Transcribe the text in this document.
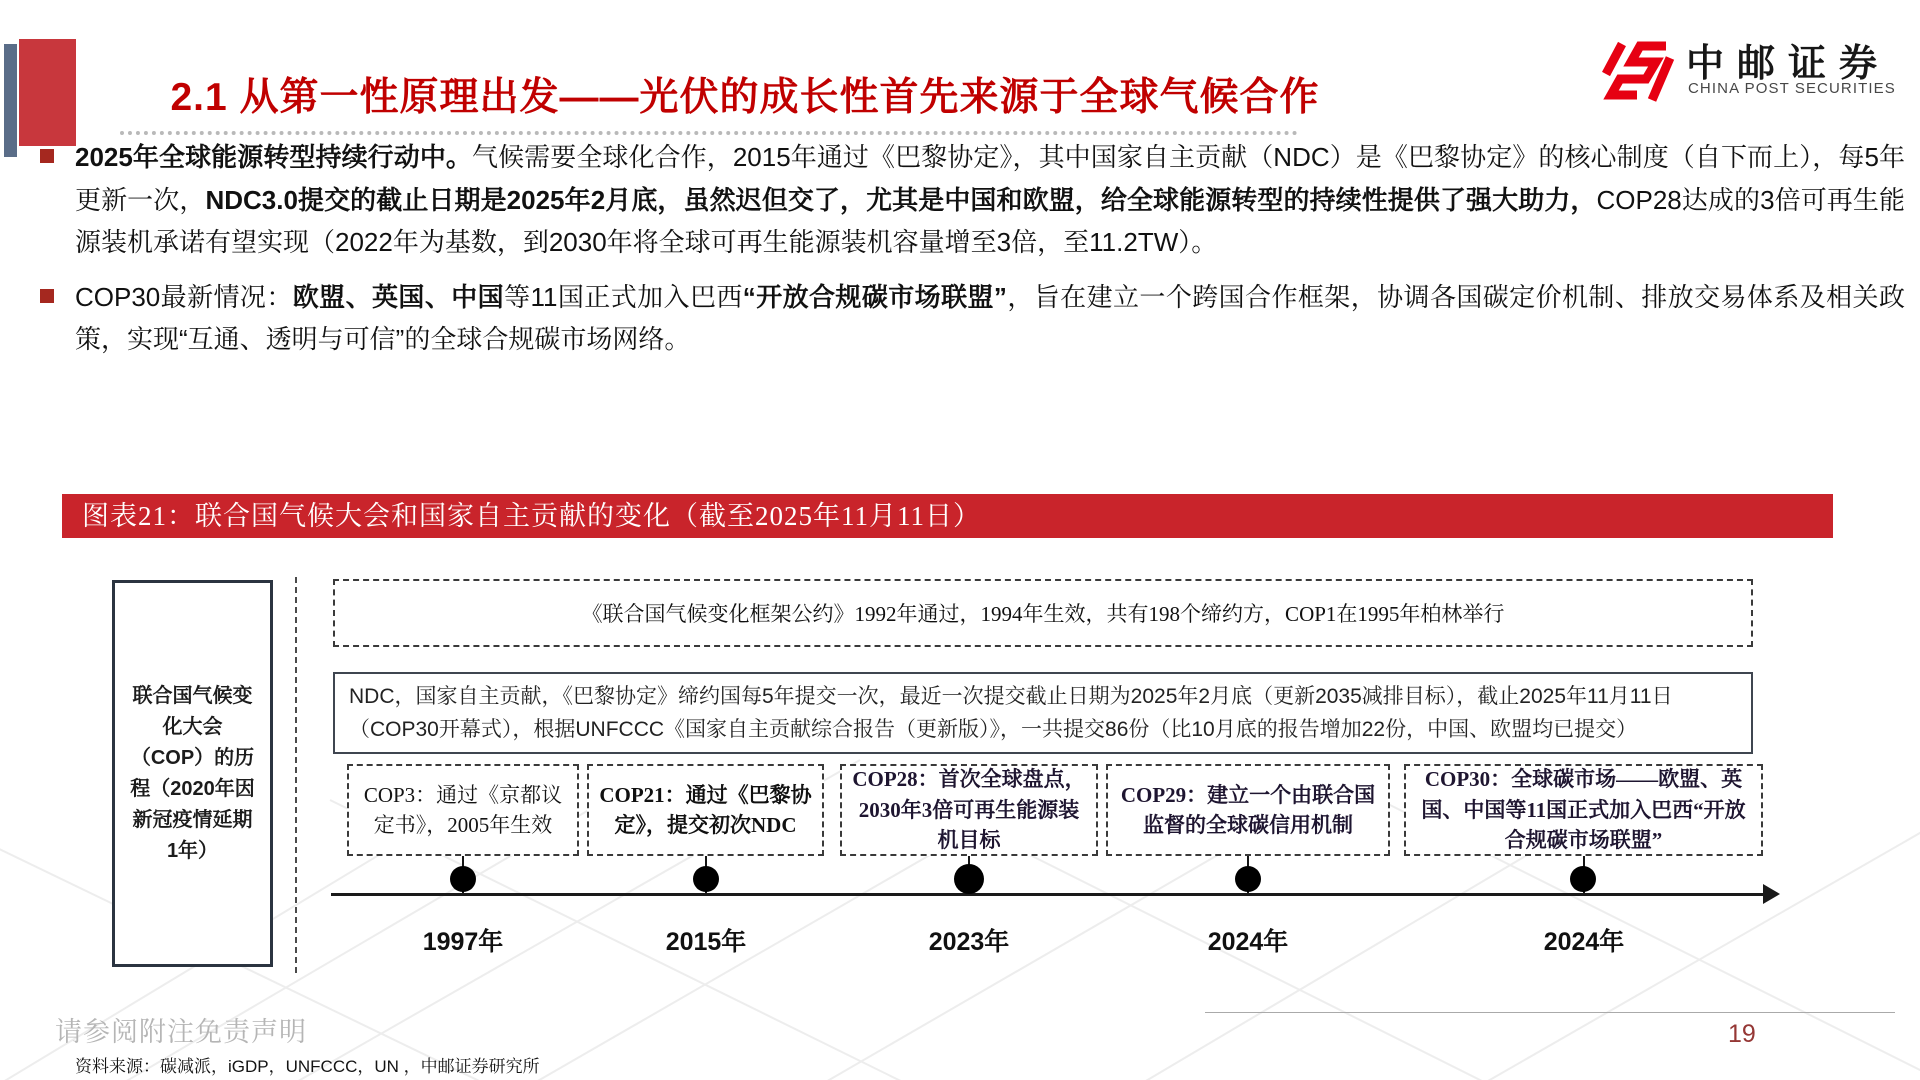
2.1 从第一性原理出发——光伏的成长性首先来源于全球气候合作
中邮证券
CHINA POST SECURITIES
2025年全球能源转型持续行动中。气候需要全球化合作，2015年通过《巴黎协定》，其中国家自主贡献（NDC）是《巴黎协定》的核心制度（自下而上），每5年更新一次，NDC3.0提交的截止日期是2025年2月底，虽然迟但交了，尤其是中国和欧盟，给全球能源转型的持续性提供了强大助力，COP28达成的3倍可再生能源装机承诺有望实现（2022年为基数，到2030年将全球可再生能源装机容量增至3倍，至11.2TW）。
COP30最新情况：欧盟、英国、中国等11国正式加入巴西“开放合规碳市场联盟”，旨在建立一个跨国合作框架，协调各国碳定价机制、排放交易体系及相关政策，实现“互通、透明与可信”的全球合规碳市场网络。
图表21：联合国气候大会和国家自主贡献的变化（截至2025年11月11日）
联合国气候变化大会（COP）的历程（2020年因新冠疫情延期1年）
《联合国气候变化框架公约》1992年通过，1994年生效，共有198个缔约方，COP1在1995年柏林举行
NDC，国家自主贡献，《巴黎协定》缔约国每5年提交一次，最近一次提交截止日期为2025年2月底（更新2035减排目标），截止2025年11月11日（COP30开幕式），根据UNFCCC《国家自主贡献综合报告（更新版）》，一共提交86份（比10月底的报告增加22份，中国、欧盟均已提交）
COP3：通过《京都议定书》，2005年生效
COP21：通过《巴黎协定》，提交初次NDC
COP28：首次全球盘点，2030年3倍可再生能源装机目标
COP29：建立一个由联合国监督的全球碳信用机制
COP30：全球碳市场——欧盟、英国、中国等11国正式加入巴西“开放合规碳市场联盟”
1997年	2015年	2023年	2024年	2024年
请参阅附注免责声明
资料来源：碳减派，iGDP，UNFCCC，UN ，中邮证券研究所
19
